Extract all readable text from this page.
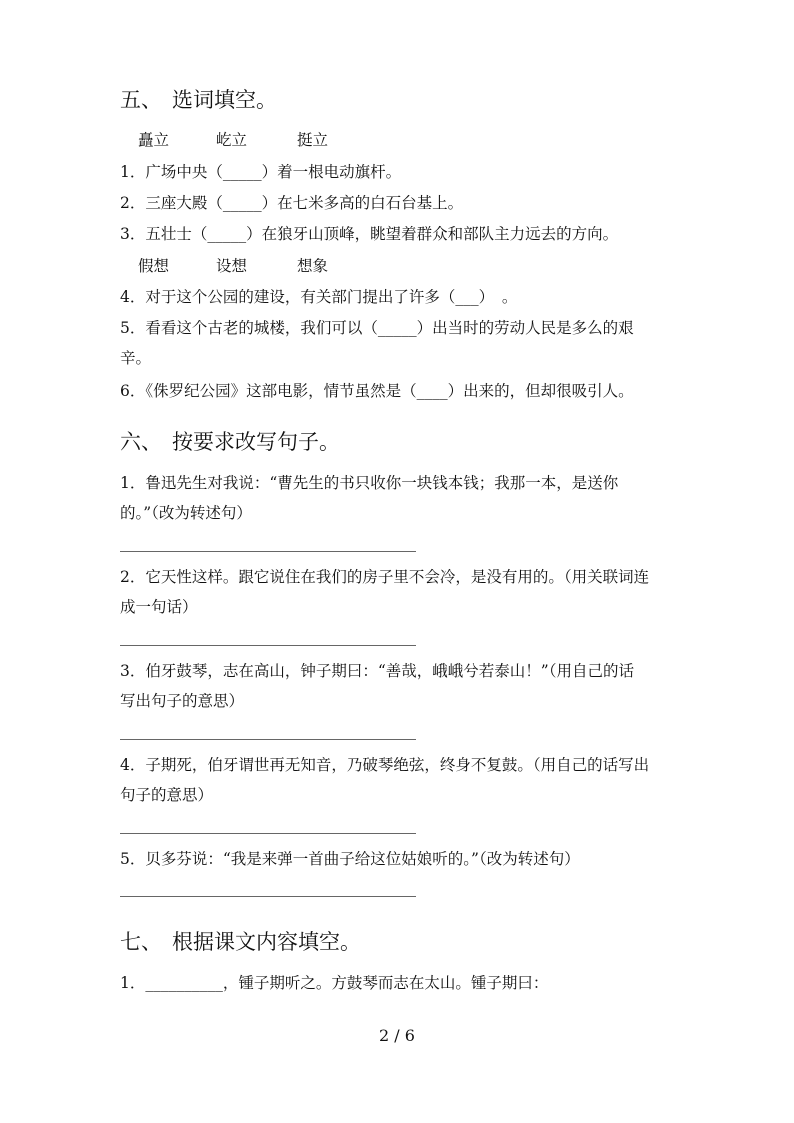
五、 选词填空。
矗立	屹立	挺立
1．广场中央（_____）着一根电动旗杆。
2．三座大殿（_____）在七米多高的白石台基上。
3．五壮士（_____）在狼牙山顶峰，眺望着群众和部队主力远去的方向。
假想	设想	想象
4．对于这个公园的建设，有关部门提出了许多（___）　。
5．看看这个古老的城楼，我们可以（_____）出当时的劳动人民是多么的艰
辛。
6．《侏罗纪公园》这部电影，情节虽然是（____）出来的，但却很吸引人。
六、 按要求改写句子。
1．鲁迅先生对我说：“曹先生的书只收你一块钱本钱；我那一本，是送你
的。”（改为转述句）
2．它天性这样。跟它说住在我们的房子里不会冷，是没有用的。（用关联词连
成一句话）
3．伯牙鼓琴，志在高山，钟子期曰：“善哉，峨峨兮若泰山！”（用自己的话
写出句子的意思）
4．子期死，伯牙谓世再无知音，乃破琴绝弦，终身不复鼓。（用自己的话写出
句子的意思）
5．贝多芬说：“我是来弹一首曲子给这位姑娘听的。”（改为转述句）
七、 根据课文内容填空。
1．__________，锺子期听之。方鼓琴而志在太山。锺子期曰：
2 / 6
